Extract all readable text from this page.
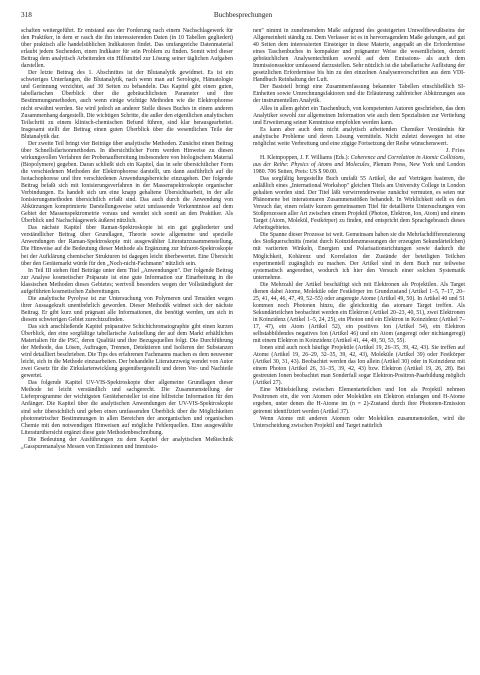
318	Buchbesprechungen

schaften weitergeführt. Er entstand aus der Forderung nach einem Nachschlagewerk für den Praktiker, in dem er rasch die ihn interessierenden Daten (in 10 Tabellen gegliedert) über praktisch alle handelsüblichen Indikatoren findet. Das umfangreiche Datenmaterial erlaubt jedem Suchenden, einen Indikator für sein Problem zu finden. Somit wird dieser Beitrag dem analytisch Arbeitenden ein Hilfsmittel zur Lösung seiner täglichen Aufgaben darstellen.

Der letzte Beitrag des 1. Abschnittes ist der Blutanalytik gewidmet. Es ist ein schwieriges Unterfangen, die Blutanalytik, nach wenn man auf Serologie, Hämatologie und Gerinnung verzichtet, auf 30 Seiten zu behandeln. Das Kapitel gibt einen guten, tabellarischen Überblick über die gebräuchlichsten Parameter und ihre Bestimmungsmethoden, auch wenn einige wichtige Methoden wie die Elektrophorese nicht erwähnt werden. Sie wird jedoch an anderer Stelle dieses Buches in einem anderen Zusammenhang dargestellt. Die wichtigen Schritte, die außer den eigentlichen analytischen Teilschritt zu einem klinisch-chemischen Befund führen, sind klar herausgearbeitet. Insgesamt stellt der Beitrag einen guten Überblick über die wesentlichen Teile der Blutanalytik dar.

Der zweite Teil bringt vier Beiträge über analytische Methoden. Zunächst einen Beitrag über Schnellsilarisonmethoden. In übersichtlicher Form werden Hinweise zu diesen wirkungsvollen Verfahren der Probenaufbereitung insbesondere von biologischem Material (Biopolymere) gegeben. Daran schließt sich ein Kapitel, das in sehr übersichtlicher Form die verschiedenen Methoden der Elektrophorese darstellt, um dann ausführlich auf die Isotachophorese und ihre verschiedenen Anwendungsbereiche einzugehen. Der folgende Beitrag befaßt sich mit Ionisierungsverfahren in der Massenspektroskopie organischer Verbindungen. Es handelt sich um eine knapp gehaltene Übersichtsarbeit, in der alle Ionisierungsmethoden übersichtlich erfaßt sind. Das auch durch die Anwendung von Abkürzungen komprimierte Darstellungsweise setzt umfassende Vorkenntnisse auf dem Gebiet der Massenspektrometrie voraus und wendet sich somit an den Praktiker. Als Überblick und Nachschlagewerk äußerst nützlich.

Das nächste Kapitel über Raman-Spektroskopie ist ein gut gegliederter und verständlicher Beitrag über Grundlagen, Theorie sowie allgemeine und spezielle Anwendungen der Raman-Spektroskopie mit ausgewählter Literaturzusammenstellung. Die Hinweise auf die Bedeutung dieser Methode als Ergänzung zur Infrarot-Spektroskopie bei der Aufklärung chemischer Strukturen ist dagegen leicht überbewertet. Eine Übersicht über den Gerätemarkt würde für den „Noch-nicht-Fachmann" nützlich sein.

In Teil III stehen fünf Beiträge unter dem Titel „Anwendungen". Der folgende Beitrag zur Analyse kosmetischer Präparate ist eine gute Information zur Einarbeitung in die klassischen Methoden dieses Gebietes; wertvoll besonders wegen der Vollständigkeit der aufgeführten kosmetischen Zubereitungen.

Die analytische Pyrolyse ist zur Untersuchung von Polymeren und Tensiden wegen ihrer Aussagekraft unentbehrlich geworden. Dieser Methodik widmet sich der nächste Beitrag. Er gibt kurz und prägnant alle Informationen, die benötigt werden, um sich in diesem schwierigen Gebiet zurechtzufinden.

Das sich anschließende Kapitel präparative Schichtchromatographie gibt einen kurzen Überblick, den eine sorgfältige tabellarische Aufstellung der auf dem Markt erhältlichen Materialien für die PSC, deren Qualität und ihre Bezugsquellen folgt. Die Durchführung der Methode, das Lösen, Auftragen, Trennen, Detektieren und Isolieren der Substanzen wird detailliert beschrieben. Die Tips des erfahrenen Fachmanns machen es dem neuwener leicht, sich in die Methode einzuarbeiten. Der behandelte Literaturzweig wendet von Autor zwei Gesetz für die Zirkulartenwicklung gegenübergestellt und deren Vor- und Nachteile gewertet.

Das folgende Kapitel UV-VIS-Spektroskopie über allgemeine Grundlagen dieser Methode ist leicht verständlich und sachgerecht. Die Zusammenstellung der Lieferprogramme der wichtigsten Gerätehersteller ist eine hilfreiche Information für den Anfänger. Die Kapitel über die analytischen Anwendungen der UV-VIS-Spektroskopie sind sehr übersichtlich und geben einen umfassenden Überblick über die Möglichkeiten photometrischer Bestimmungen in allen Bereichen der anorganischen und organischen Chemie mit den notwendigen Hinweisen auf mögliche Fehlerquellen. Eine ausgewählte Literaturübersicht ergänzt diese gute Methodenbeschreibung.

Die Bedeutung der Ausführungen zu dem Kapitel der analytischen Meßtechnik „Gasspurenanalyse Messen von Emissionen und Immissio-

nen" nimmt in zunehmendem Maße aufgrund des gesteigerten Umweltbewußtseins der Allgemeinheit ständig zu. Dem Verfasser ist es in hervorragendem Maße gelungen, auf gut 40 Seiten dem interessierten Einsteiger in diese Materie, angepaßt an die Erfordernisse eines Taschenbuches in kompakter und prägnanter Weise die wesentlichsten, derzeit gebräuchlichen Analysentechniken sowohl auf dem Emissions- als auch dem Immissionssektor umfassend darzustellen. Sehr nützlich ist die tabellarische Auflistung der gesetzlichen Erfordernisse bis hin zu den einzelnen Analysenvorschriften aus dem VDI-Handbuch Reinhaltung der Luft.

Der Basisteil bringt eine Zusammenfassung bekannter Tabellen einschließlich SI-Einheiten sowie Umrechnungsfaktoren und die Erläuterung zahlreicher Abkürzungen aus der instrumentellen Analytik.

Alles in allem gehört ein Taschenbuch, von kompetenten Autoren geschrieben, das dem Analytiker sowohl zur allgemeinen Information wie auch dem Spezialisten zur Vertiefung und Erweiterung seiner Kenntnisse empfohlen werden kann.

Es kann aber auch dem nicht analytisch arbeitenden Chemiker Verständnis für analytische Probleme und deren Lösung vermitteln. Nicht zuletzt deswegen ist eine möglichst weite Verbreitung und eine zügige Fortsetzung der Reihe wünschenswert.

J. Fries

H. Kleinpoppen, J. F. Williams (Eds.): Coherence and Correlation in Atomic Collisions, aus der Reihe: Physics of Atoms and Molecules, Plenum Press, New York und London 1980. 706 Seiten, Preis: US $ 90.00.

Das sorgfältig hergestellte Buch umfaßt 55 Artikel, die auf Vorträgen basieren, die anläßlich eines „International Workshop" gleichen Titels am University College in London gehalten worden sind. Der Titel läßt verwirrenderweise zunächst vermuten, es seien nur Phänomene bei interatomaren Zusammenstößen behandelt. In Wirklichkeit stellt es den Versuch dar, einen relativ kurzen gemeinsamen Titel für detaillierte Untersuchungen von Stoßprozessen aller Art zwischen einem Projektil (Photon, Elektron, Ion, Atom) und einem Target (Atom, Molekül, Festkörper) zu finden, und entspricht dem Sprachgebrauch dieses Arbeitsgebietes.

Die Spanne dieser Prozesse ist weit. Gemeinsam haben sie die Mehrfachdifferenzierung des Stoßquerschnitts (meist durch Koinzidenzmessungen der erzeugten Sekundärteilchen) mit variierten Winkeln, Energien und Polarisationsrichtungen sowie dadurch die Möglichkeit, Kohärenz und Korrelation der Zustände der beteiligten Teilchen experimentell zugänglich zu machen. Der Artikel sind in dem Buch nur teilweise systematisch angeordnet, wodurch ich hier den Versuch einer solchen Systematik unternehme.

Die Mehrzahl der Artikel beschäftigt sich mit Elektronen als Projektilen. Als Target dienen dabei Atome, Moleküle oder Festkörper im Grundzustand (Artikel 1–5, 7–17, 20–25, 41, 44, 46, 47, 49, 52–55) oder angeregte Atome (Artikel 49, 50). In Artikel 40 und 51 kommen noch Photonen hinzu, die gleichzeitig das atomare Target treffen. Als Sekundärteilchen beobachtet werden ein Elektron (Artikel 20–23, 40, 51), zwei Elektronen in Koinzidenz (Artikel 1–5, 24, 25), ein Photon und ein Elektron in Koinzidenz (Artikel 7–17, 47), ein Atom (Artikel 52), ein positives Ion (Artikel 54), ein Elektron selbstabbildendes negatives Ion (Artikel 46) und ein Atom (angeregt oder nichtangeregt) mit einem Elektron in Koinzidenz (Artikel 41, 44, 49, 50, 53, 55).

Ionen sind auch noch häufige Projektile (Artikel 19, 26–35, 39, 42, 43). Sie treffen auf Atome (Artikel 19, 26–29, 32–35, 39, 42, 43), Moleküle (Artikel 39) oder Festkörper (Artikel 30, 31, 43). Beobachtet werden das Ion allein (Artikel 30) oder in Koinzidenz mit einem Photon (Artikel 26, 31–35, 39, 42, 43) bzw. Elektron (Artikel 19, 26, 28). Bei gestreuten Ionen beobachtet man Sonderfall sogar Elektron-Positron-Paarbildung möglich (Artikel 27).

Eine Mittelstellung zwischen Elementarteilchen und Ion als Projektil nehmen Positronen ein, die von Atomen oder Molekülen ein Elektron einfangen und H-Atome ergeben, unter denen die H-Atome im (n = 2)-Zustand durch ihre Photonen-Emission getrennt identifiziert werden (Artikel 37).

Wenn Atome mit anderen Atomen oder Molekülen zusammenstoßen, wird die Unterscheidung zwischen Projektil und Target natürlich
